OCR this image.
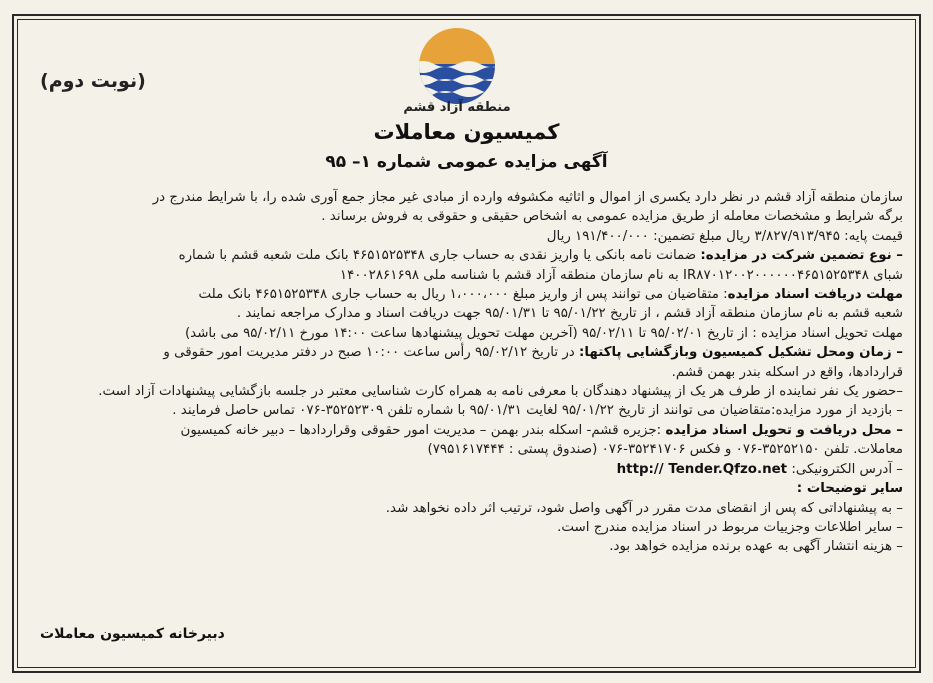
منطقه آزاد قشم
(نوبت دوم)
کمیسیون معاملات
آگهی مزایده عمومی شماره ۱– ۹۵

سازمان منطقه آزاد قشم در نظر دارد یکسری از اموال و اثاثیه مکشوفه وارده از مبادی غیر مجاز جمع آوری شده را، با شرایط مندرج در

برگه شرایط و مشخصات معامله از طریق مزایده عمومی به اشخاص حقیقی و حقوقی به فروش برساند .

قیمت پایه: ۳/۸۲۷/۹۱۳/۹۴۵ ریال مبلغ تضمین: ۱۹۱/۴۰۰/۰۰۰ ریال

– نوع تضمین شرکت در مزایده: ضمانت نامه بانکی یا واریز نقدی به حساب جاری ۴۶۵۱۵۲۵۳۴۸ بانک ملت شعبه قشم با شماره

شبای IR۸۷۰۱۲۰۰۲۰۰۰۰۰۰۴۶۵۱۵۲۵۳۴۸ به نام سازمان منطقه آزاد قشم با شناسه ملی ۱۴۰۰۲۸۶۱۶۹۸

مهلت دریافت اسناد مزایده: متقاضیان می توانند پس از واریز مبلغ ۱،۰۰۰،۰۰۰ ریال به حساب جاری ۴۶۵۱۵۲۵۳۴۸ بانک ملت

شعبه قشم به نام سازمان منطقه آزاد قشم ، از تاریخ ۹۵/۰۱/۲۲ تا ۹۵/۰۱/۳۱ جهت دریافت اسناد و مدارک مراجعه نمایند .

مهلت تحویل اسناد مزایده : از تاریخ ۹۵/۰۲/۰۱ تا ۹۵/۰۲/۱۱ (آخرین مهلت تحویل پیشنهادها ساعت ۱۴:۰۰ مورخ ۹۵/۰۲/۱۱ می باشد)

– زمان ومحل تشکیل کمیسیون وبازگشایی پاکتها: در تاریخ ۹۵/۰۲/۱۲ رأس ساعت ۱۰:۰۰ صبح در دفتر مدیریت امور حقوقی و

قراردادها، واقع در اسکله بندر بهمن قشم.

–حضور یک نفر نماینده از طرف هر یک از پیشنهاد دهندگان با معرفی نامه به همراه کارت شناسایی معتبر در جلسه بازگشایی پیشنهادات آزاد است.

– بازدید از مورد مزایده:متقاضیان می توانند از تاریخ ۹۵/۰۱/۲۲ لغایت ۹۵/۰۱/۳۱ با شماره تلفن ۳۵۲۵۲۳۰۹-۰۷۶ تماس حاصل فرمایند .

– محل دریافت و تحویل اسناد مزایده :جزیره قشم- اسکله بندر بهمن – مدیریت امور حقوقی وقراردادها – دبیر خانه کمیسیون

معاملات. تلفن ۳۵۲۵۲۱۵۰-۰۷۶ و فکس ۳۵۲۴۱۷۰۶-۰۷۶ (صندوق پستی : ۷۹۵۱۶۱۷۴۴۴)

– آدرس الکترونیکی: http:// Tender.Qfzo.net

سایر توضیحات :

– به پیشنهاداتی که پس از انقضای مدت مقرر در آگهی واصل شود، ترتیب اثر داده نخواهد شد.

– سایر اطلاعات وجزییات مربوط در اسناد مزایده مندرج است.

– هزینه انتشار آگهی به عهده برنده مزایده خواهد بود.

دبیرخانه کمیسیون معاملات
